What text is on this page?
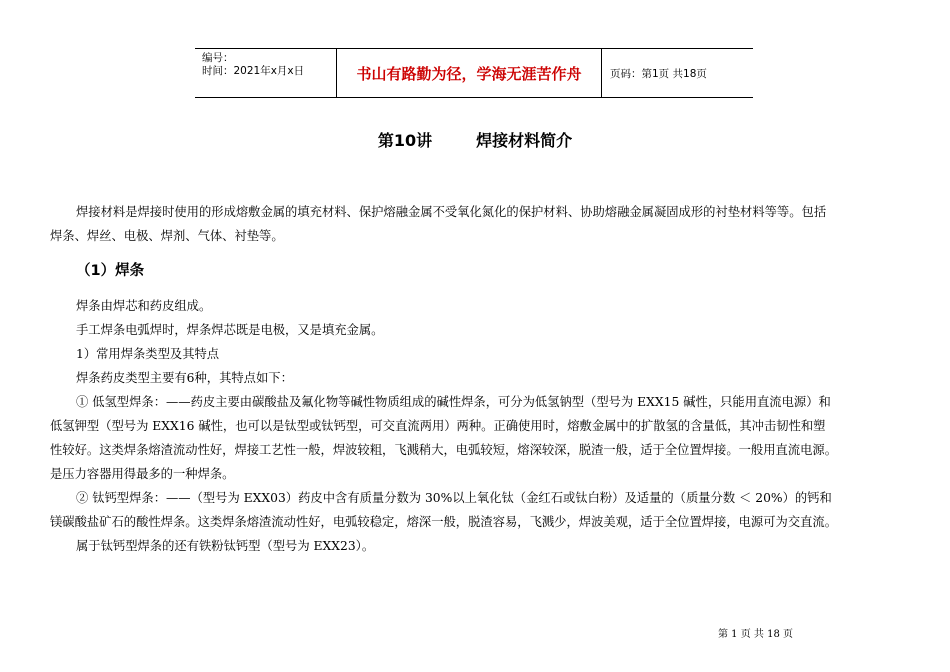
编号：
时间：2021年x月x日	书山有路勤为径，学海无涯苦作舟	页码：第1页 共18页
第10讲	焊接材料简介

焊接材料是焊接时使用的形成熔敷金属的填充材料、保护熔融金属不受氧化氮化的保护材料、协助熔融金属凝固成形的衬垫材料等等。包括

焊条、焊丝、电极、焊剂、气体、衬垫等。

（1）焊条

焊条由焊芯和药皮组成。

手工焊条电弧焊时，焊条焊芯既是电极，又是填充金属。

1）常用焊条类型及其特点

焊条药皮类型主要有6种，其特点如下：

① 低氢型焊条：——药皮主要由碳酸盐及氟化物等碱性物质组成的碱性焊条，可分为低氢钠型（型号为 EXX15 碱性，只能用直流电源）和

低氢钾型（型号为 EXX16 碱性，也可以是钛型或钛钙型，可交直流两用）两种。正确使用时，熔敷金属中的扩散氢的含量低，其冲击韧性和塑

性较好。这类焊条熔渣流动性好，焊接工艺性一般，焊波较粗，飞溅稍大，电弧较短，熔深较深，脱渣一般，适于全位置焊接。一般用直流电源。

是压力容器用得最多的一种焊条。

② 钛钙型焊条：——（型号为 EXX03）药皮中含有质量分数为 30%以上氧化钛（金红石或钛白粉）及适量的（质量分数 ＜ 20%）的钙和

镁碳酸盐矿石的酸性焊条。这类焊条熔渣流动性好，电弧较稳定，熔深一般，脱渣容易，飞溅少，焊波美观，适于全位置焊接，电源可为交直流。

属于钛钙型焊条的还有铁粉钛钙型（型号为 EXX23）。

第 1 页 共 18 页
